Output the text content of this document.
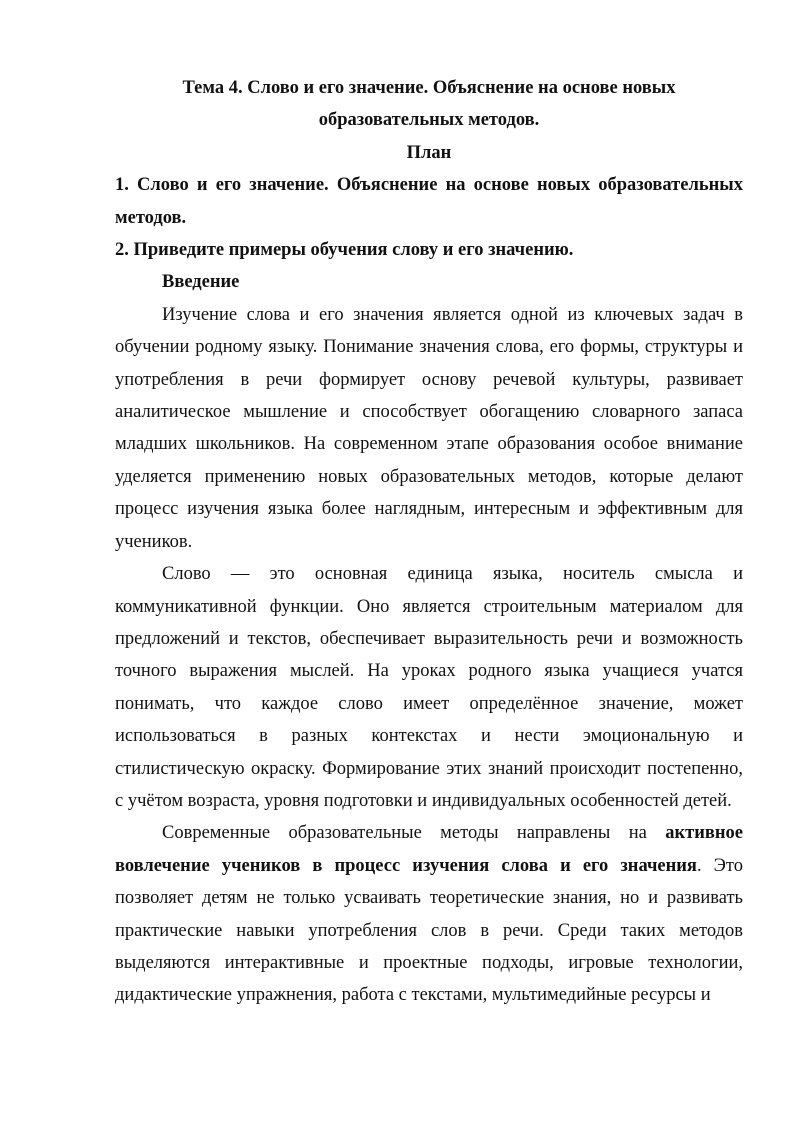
Тема 4. Слово и его значение. Объяснение на основе новых образовательных методов.

План

1. Слово и его значение. Объяснение на основе новых образовательных методов.

2. Приведите примеры обучения слову и его значению.

Введение

Изучение слова и его значения является одной из ключевых задач в обучении родному языку. Понимание значения слова, его формы, структуры и употребления в речи формирует основу речевой культуры, развивает аналитическое мышление и способствует обогащению словарного запаса младших школьников. На современном этапе образования особое внимание уделяется применению новых образовательных методов, которые делают процесс изучения языка более наглядным, интересным и эффективным для учеников.

Слово — это основная единица языка, носитель смысла и коммуникативной функции. Оно является строительным материалом для предложений и текстов, обеспечивает выразительность речи и возможность точного выражения мыслей. На уроках родного языка учащиеся учатся понимать, что каждое слово имеет определённое значение, может использоваться в разных контекстах и нести эмоциональную и стилистическую окраску. Формирование этих знаний происходит постепенно, с учётом возраста, уровня подготовки и индивидуальных особенностей детей.

Современные образовательные методы направлены на активное вовлечение учеников в процесс изучения слова и его значения. Это позволяет детям не только усваивать теоретические знания, но и развивать практические навыки употребления слов в речи. Среди таких методов выделяются интерактивные и проектные подходы, игровые технологии, дидактические упражнения, работа с текстами, мультимедийные ресурсы и
